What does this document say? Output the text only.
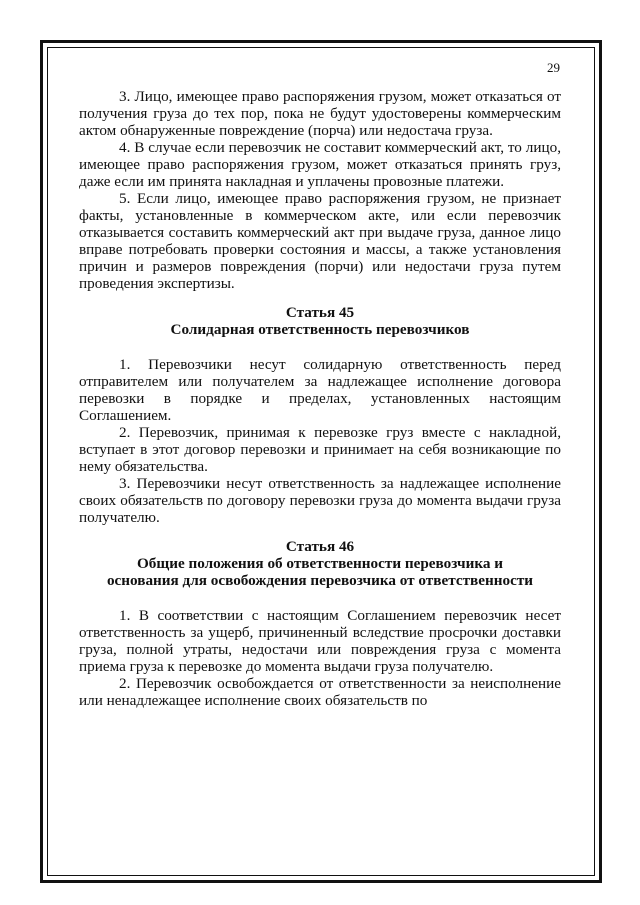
29

3. Лицо, имеющее право распоряжения грузом, может отказаться от получения груза до тех пор, пока не будут удостоверены коммерческим актом обнаруженные повреждение (порча) или недостача груза.

4. В случае если перевозчик не составит коммерческий акт, то лицо, имеющее право распоряжения грузом, может отказаться принять груз, даже если им принята накладная и уплачены провозные платежи.

5. Если лицо, имеющее право распоряжения грузом, не признает факты, установленные в коммерческом акте, или если перевозчик отказывается составить коммерческий акт при выдаче груза, данное лицо вправе потребовать проверки состояния и массы, а также установления причин и размеров повреждения (порчи) или недостачи груза путем проведения экспертизы.

Статья 45
Солидарная ответственность перевозчиков

1. Перевозчики несут солидарную ответственность перед отправителем или получателем за надлежащее исполнение договора перевозки в порядке и пределах, установленных настоящим Соглашением.

2. Перевозчик, принимая к перевозке груз вместе с накладной, вступает в этот договор перевозки и принимает на себя возникающие по нему обязательства.

3. Перевозчики несут ответственность за надлежащее исполнение своих обязательств по договору перевозки груза до момента выдачи груза получателю.

Статья 46
Общие положения об ответственности перевозчика и
основания для освобождения перевозчика от ответственности

1. В соответствии с настоящим Соглашением перевозчик несет ответственность за ущерб, причиненный вследствие просрочки доставки груза, полной утраты, недостачи или повреждения груза с момента приема груза к перевозке до момента выдачи груза получателю.

2. Перевозчик освобождается от ответственности за неисполнение или ненадлежащее исполнение своих обязательств по
